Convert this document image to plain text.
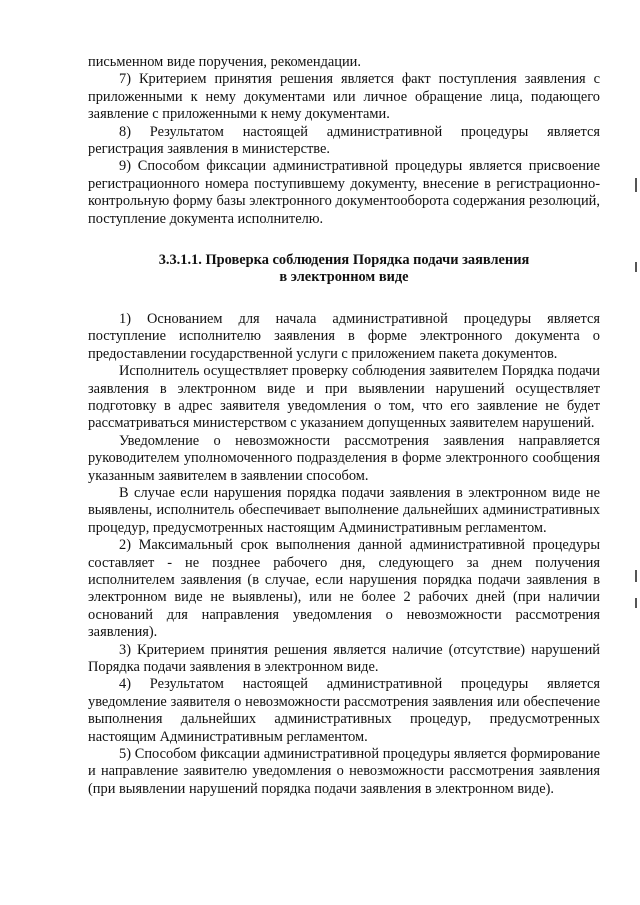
письменном виде поручения, рекомендации.

7) Критерием принятия решения является факт поступления заявления с приложенными к нему документами или личное обращение лица, подающего заявление с приложенными к нему документами.

8) Результатом настоящей административной процедуры является регистрация заявления в министерстве.

9) Способом фиксации административной процедуры является присвоение регистрационного номера поступившему документу, внесение в регистрационно-контрольную форму базы электронного документооборота содержания резолюций, поступление документа исполнителю.

3.3.1.1. Проверка соблюдения Порядка подачи заявления

в электронном виде

1) Основанием для начала административной процедуры является поступление исполнителю заявления в форме электронного документа о предоставлении государственной услуги с приложением пакета документов.

Исполнитель осуществляет проверку соблюдения заявителем Порядка подачи заявления в электронном виде и при выявлении нарушений осуществляет подготовку в адрес заявителя уведомления о том, что его заявление не будет рассматриваться министерством с указанием допущенных заявителем нарушений.

Уведомление о невозможности рассмотрения заявления направляется руководителем уполномоченного подразделения в форме электронного сообщения указанным заявителем в заявлении способом.

В случае если нарушения порядка подачи заявления в электронном виде не выявлены, исполнитель обеспечивает выполнение дальнейших административных процедур, предусмотренных настоящим Административным регламентом.

2) Максимальный срок выполнения данной административной процедуры составляет - не позднее рабочего дня, следующего за днем получения исполнителем заявления (в случае, если нарушения порядка подачи заявления в электронном виде не выявлены), или не более 2 рабочих дней (при наличии оснований для направления уведомления о невозможности рассмотрения заявления).

3) Критерием принятия решения является наличие (отсутствие) нарушений Порядка подачи заявления в электронном виде.

4) Результатом настоящей административной процедуры является уведомление заявителя о невозможности рассмотрения заявления или обеспечение выполнения дальнейших административных процедур, предусмотренных настоящим Административным регламентом.

5) Способом фиксации административной процедуры является формирование и направление заявителю уведомления о невозможности рассмотрения заявления (при выявлении нарушений порядка подачи заявления в электронном виде).
